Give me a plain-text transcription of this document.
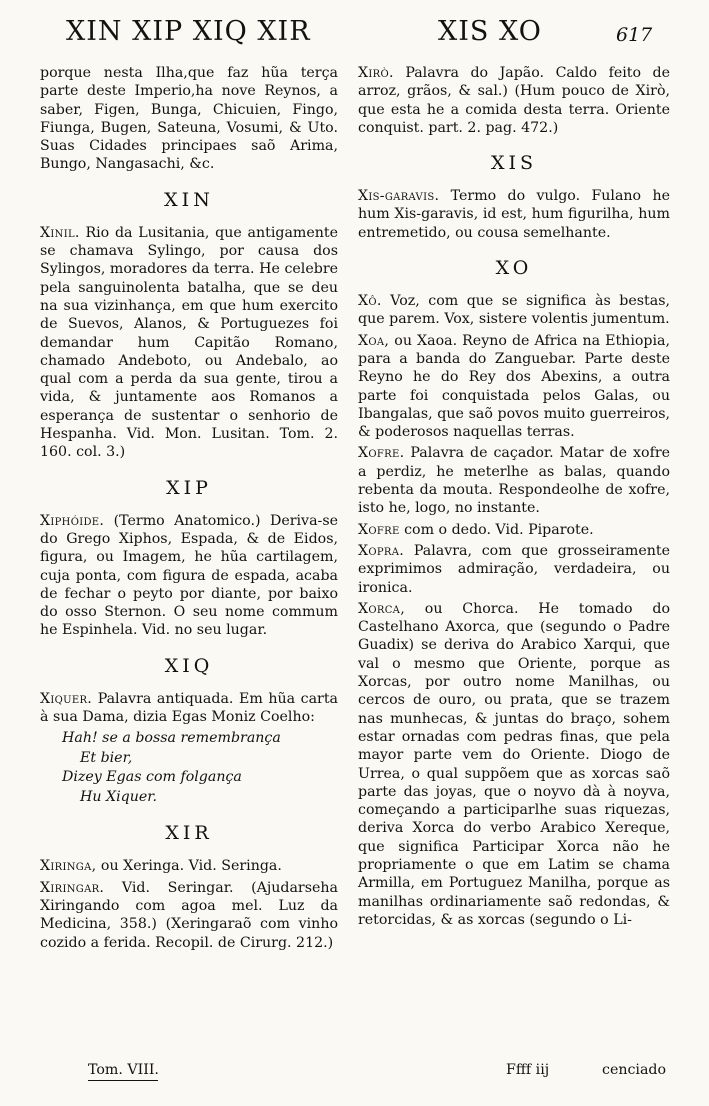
XIN XIP XIQ XIR	XIS XO	617

porque nesta Ilha,que faz hũa terça parte deste Imperio,ha nove Reynos, a saber, Figen, Bunga, Chicuien, Fingo, Fiunga, Bugen, Sateuna, Vosumi, & Uto. Suas Cidades principaes saõ Arima, Bungo, Nangasachi, &c.

XIN

Xinil. Rio da Lusitania, que antigamente se chamava Sylingo, por causa dos Sylingos, moradores da terra. He celebre pela sanguinolenta batalha, que se deu na sua vizinhança, em que hum exercito de Suevos, Alanos, & Portuguezes foi demandar hum Capitão Romano, chamado Andeboto, ou Andebalo, ao qual com a perda da sua gente, tirou a vida, & juntamente aos Romanos a esperança de sustentar o senhorio de Hespanha. Vid. Mon. Lusitan. Tom. 2. 160. col. 3.)

XIP

Xiphóide. (Termo Anatomico.) Deriva-se do Grego Xiphos, Espada, & de Eidos, figura, ou Imagem, he hũa cartilagem, cuja ponta, com figura de espada, acaba de fechar o peyto por diante, por baixo do osso Sternon. O seu nome commum he Espinhela. Vid. no seu lugar.

XIQ

Xiquer. Palavra antiquada. Em hũa carta à sua Dama, dizia Egas Moniz Coelho:

Hah! se a bossa remembrança
Et bier,
Dizey Egas com folgança
Hu Xiquer.
XIR

Xiringa, ou Xeringa. Vid. Seringa.

Xiringar. Vid. Seringar. (Ajudarseha Xiringando com agoa mel. Luz da Medicina, 358.) (Xeringaraõ com vinho cozido a ferida. Recopil. de Cirurg. 212.)

Xirò. Palavra do Japão. Caldo feito de arroz, grãos, & sal.) (Hum pouco de Xirò, que esta he a comida desta terra. Oriente conquist. part. 2. pag. 472.)

XIS

Xis-garavis. Termo do vulgo. Fulano he hum Xis-garavis, id est, hum figurilha, hum entremetido, ou cousa semelhante.

XO

Xô. Voz, com que se significa às bestas, que parem. Vox, sistere volentis jumentum.

Xoa, ou Xaoa. Reyno de Africa na Ethiopia, para a banda do Zanguebar. Parte deste Reyno he do Rey dos Abexins, a outra parte foi conquistada pelos Galas, ou Ibangalas, que saõ povos muito guerreiros, & poderosos naquellas terras.

Xofre. Palavra de caçador. Matar de xofre a perdiz, he meterlhe as balas, quando rebenta da mouta. Respondeolhe de xofre, isto he, logo, no instante.

Xofre com o dedo. Vid. Piparote.

Xopra. Palavra, com que grosseiramente exprimimos admiração, verdadeira, ou ironica.

Xorca, ou Chorca. He tomado do Castelhano Axorca, que (segundo o Padre Guadix) se deriva do Arabico Xarqui, que val o mesmo que Oriente, porque as Xorcas, por outro nome Manilhas, ou cercos de ouro, ou prata, que se trazem nas munhecas, & juntas do braço, sohem estar ornadas com pedras finas, que pela mayor parte vem do Oriente. Diogo de Urrea, o qual suppõem que as xorcas saõ parte das joyas, que o noyvo dà à noyva, começando a participarlhe suas riquezas, deriva Xorca do verbo Arabico Xereque, que significa Participar Xorca não he propriamente o que em Latim se chama Armilla, em Portuguez Manilha, porque as manilhas ordinariamente saõ redondas, & retorcidas, & as xorcas (segundo o Li-

Tom. VIII.	Ffff iij	cenciado
